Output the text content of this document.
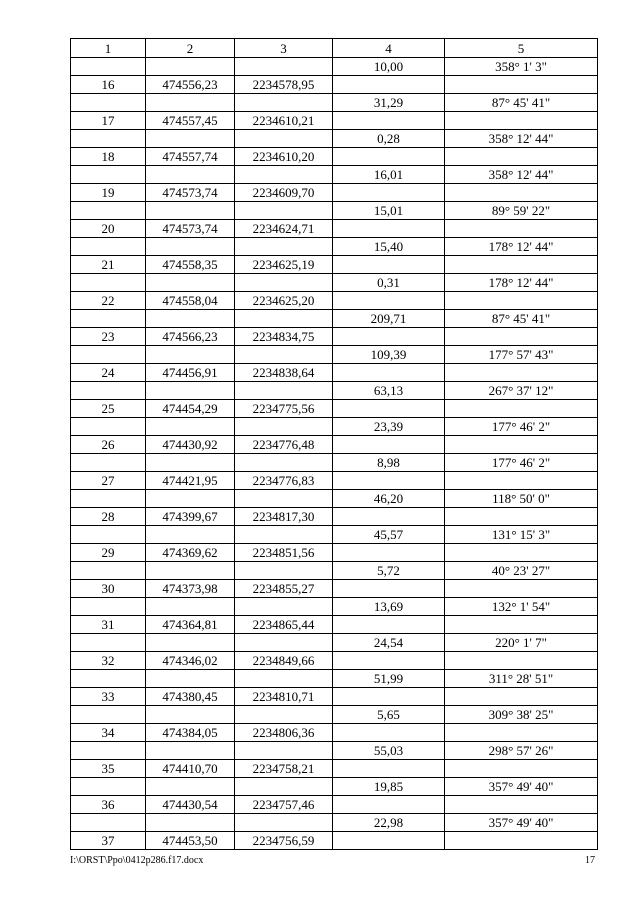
1	2	3	4	5
			10,00	358° 1' 3"
16	474556,23	2234578,95		
			31,29	87° 45' 41"
17	474557,45	2234610,21		
			0,28	358° 12' 44"
18	474557,74	2234610,20		
			16,01	358° 12' 44"
19	474573,74	2234609,70		
			15,01	89° 59' 22"
20	474573,74	2234624,71		
			15,40	178° 12' 44"
21	474558,35	2234625,19		
			0,31	178° 12' 44"
22	474558,04	2234625,20		
			209,71	87° 45' 41"
23	474566,23	2234834,75		
			109,39	177° 57' 43"
24	474456,91	2234838,64		
			63,13	267° 37' 12"
25	474454,29	2234775,56		
			23,39	177° 46' 2"
26	474430,92	2234776,48		
			8,98	177° 46' 2"
27	474421,95	2234776,83		
			46,20	118° 50' 0"
28	474399,67	2234817,30		
			45,57	131° 15' 3"
29	474369,62	2234851,56		
			5,72	40° 23' 27"
30	474373,98	2234855,27		
			13,69	132° 1' 54"
31	474364,81	2234865,44		
			24,54	220° 1' 7"
32	474346,02	2234849,66		
			51,99	311° 28' 51"
33	474380,45	2234810,71		
			5,65	309° 38' 25"
34	474384,05	2234806,36		
			55,03	298° 57' 26"
35	474410,70	2234758,21		
			19,85	357° 49' 40"
36	474430,54	2234757,46		
			22,98	357° 49' 40"
37	474453,50	2234756,59		
I:\ORST\Ppo\0412p286.f17.docx	17
